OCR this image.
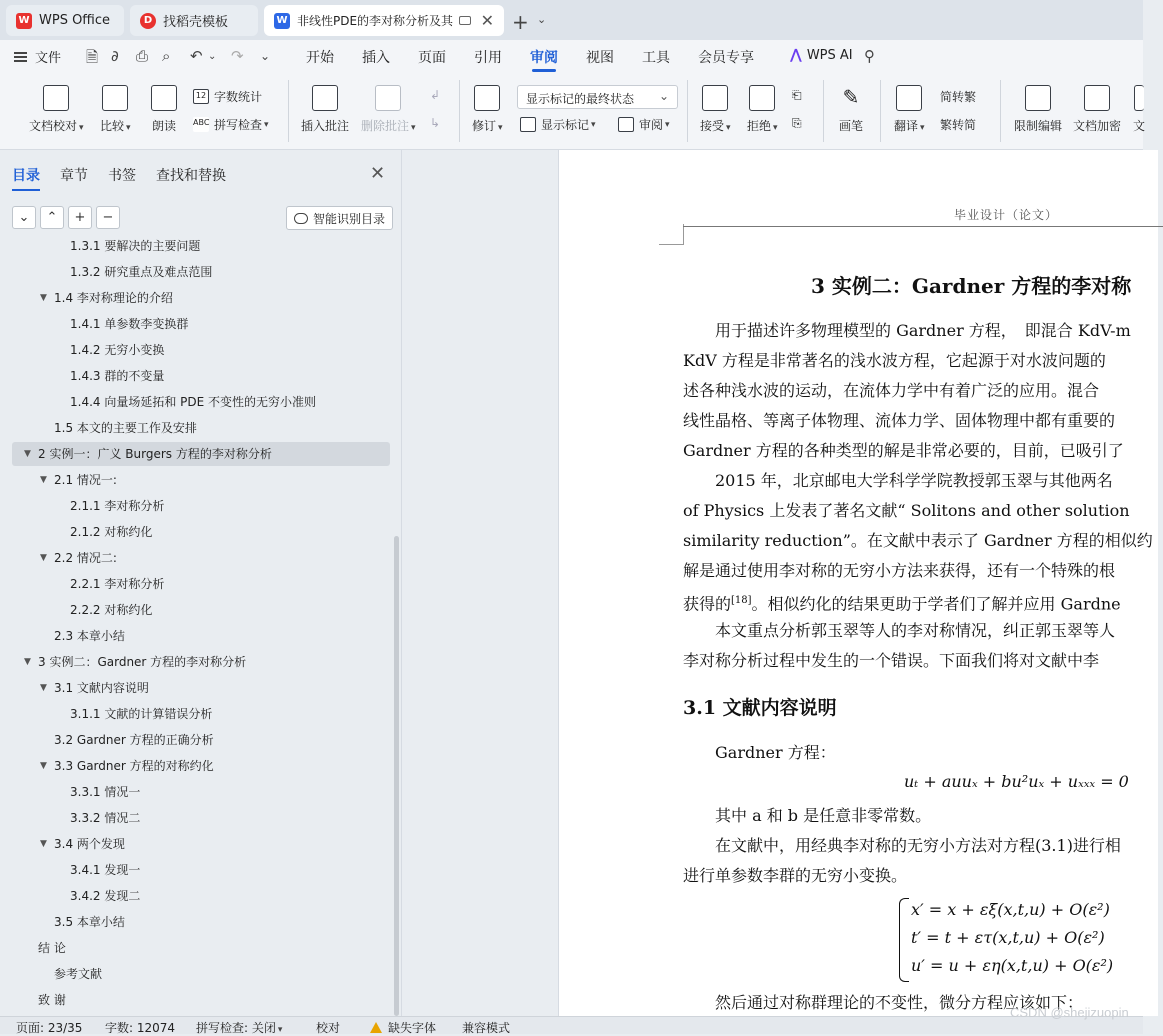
W WPS Office	D 找稻壳模板	W 非线性PDE的李对称分析及其 ✕ + ⌄
文件 🗎 ∂ ⎙ ⌕ ↶ ⌄ ↷ ⌄	开始 插入 页面 引用 审阅 视图 工具 会员专享	⋀ WPS AI ⚲
文档校对 ▾ 比较 ▾ 朗读
12 字数统计
ABC 拼写检查 ▾	插入批注 删除批注 ▾
↲
↳	修订 ▾
显示标记的最终状态 ⌄
显示标记 ▾	审阅 ▾	接受 ▾ 拒绝 ▾
⎗
⎘
✎
画笔	翻译 ▾
简转繁
繁转简	限制编辑 文档加密 文
目录 章节 书签 查找和替换	✕
⌄	⌃	+	−	智能识别目录
1.3.1 要解决的主要问题
1.3.2 研究重点及难点范围
▼ 1.4 李对称理论的介绍
1.4.1 单参数李变换群
1.4.2 无穷小变换
1.4.3 群的不变量
1.4.4 向量场延拓和 PDE 不变性的无穷小准则
1.5 本文的主要工作及安排
▼ 2 实例一：广义 Burgers 方程的李对称分析
▼ 2.1 情况一:
2.1.1 李对称分析
2.1.2 对称约化
▼ 2.2 情况二:
2.2.1 李对称分析
2.2.2 对称约化
2.3 本章小结
▼ 3 实例二：Gardner 方程的李对称分析
▼ 3.1 文献内容说明
3.1.1 文献的计算错误分析
3.2 Gardner 方程的正确分析
▼ 3.3 Gardner 方程的对称约化
3.3.1 情况一
3.3.2 情况二
▼ 3.4 两个发现
3.4.1 发现一
3.4.2 发现二
3.5 本章小结
结 论
参考文献
致 谢
毕业设计（论文）
3 实例二：Gardner 方程的李对称
　　用于描述许多物理模型的 Gardner 方程，　即混合 KdV-m
KdV 方程是非常著名的浅水波方程，它起源于对水波问题的
述各种浅水波的运动，在流体力学中有着广泛的应用。混合
线性晶格、等离子体物理、流体力学、固体物理中都有重要的
Gardner 方程的各种类型的解是非常必要的，目前，已吸引了
　　2015 年，北京邮电大学科学学院教授郭玉翠与其他两名
of Physics 上发表了著名文献“ Solitons and other solution
similarity reduction”。在文献中表示了 Gardner 方程的相似约
解是通过使用李对称的无穷小方法来获得，还有一个特殊的根
获得的[18]。相似约化的结果更助于学者们了解并应用 Gardne
　　本文重点分析郭玉翠等人的李对称情况，纠正郭玉翠等人
李对称分析过程中发生的一个错误。下面我们将对文献中李
3.1 文献内容说明
　　Gardner 方程：
uₜ + auuₓ + bu²uₓ + uₓₓₓ = 0
　　其中 a 和 b 是任意非零常数。
　　在文献中，用经典李对称的无穷小方法对方程(3.1)进行相
进行单参数李群的无穷小变换。
x′ = x + εξ(x,t,u) + O(ε²)
t′ = t + ετ(x,t,u) + O(ε²)
u′ = u + εη(x,t,u) + O(ε²)
　　然后通过对称群理论的不变性，微分方程应该如下：
页面: 23/35 字数: 12074 拼写检查: 关闭 ▾	校对	缺失字体 兼容模式
CSDN @shejizuopin
